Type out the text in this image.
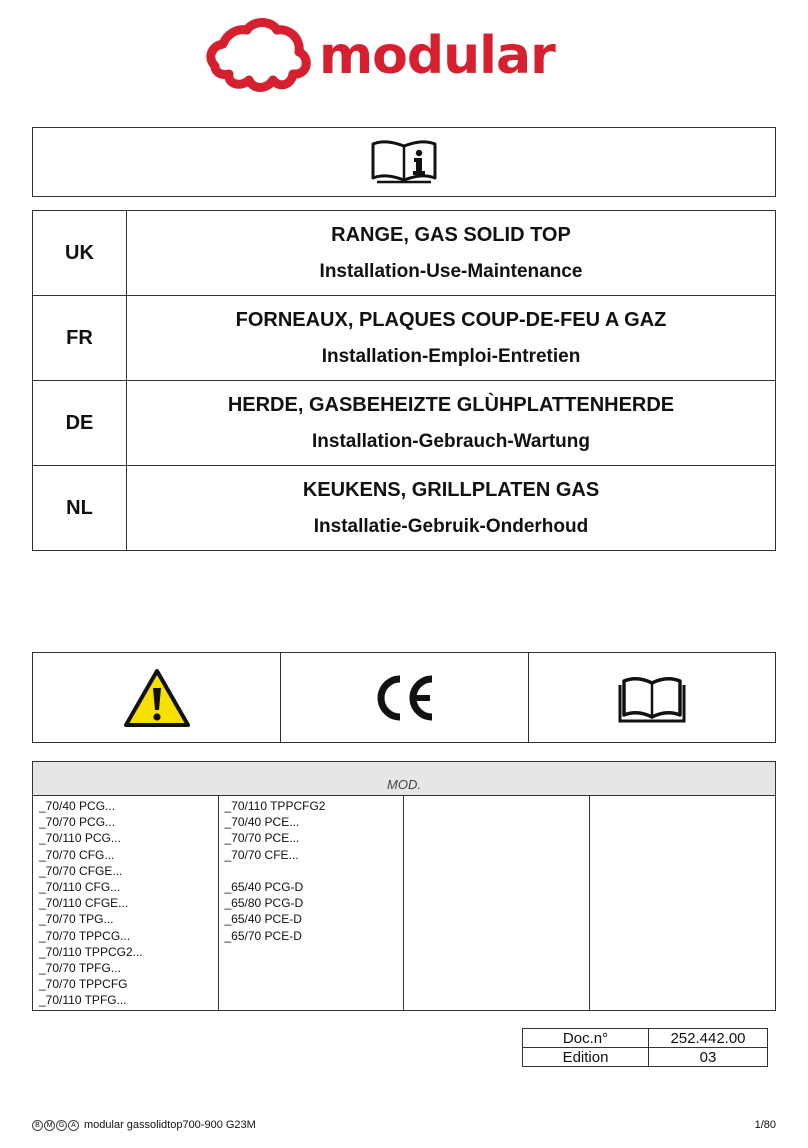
modular
UK	RANGE, GAS SOLID TOP
Installation-Use-Maintenance

FR	FORNEAUX, PLAQUES COUP-DE-FEU A GAZ
Installation-Emploi-Entretien

DE	HERDE, GASBEHEIZTE GLÙHPLATTENHERDE
Installation-Gebrauch-Wartung

NL	KEUKENS, GRILLPLATEN GAS
Installatie-Gebruik-Onderhoud
MOD.
_70/40 PCG...
_70/70 PCG...
_70/110 PCG...
_70/70 CFG...
_70/70 CFGE...
_70/110 CFG...
_70/110 CFGE...
_70/70 TPG...
_70/70 TPPCG...
_70/110 TPPCG2...
_70/70 TPFG...
_70/70 TPPCFG
_70/110 TPFG...
_70/110 TPPCFG2
_70/40 PCE...
_70/70 PCE...
_70/70 CFE...
_65/40 PCG-D
_65/80 PCG-D
_65/40 PCE-D
_65/70 PCE-D
Doc.n°	252.442.00
Edition	03
B M G A modular gassolidtop700-900 G23M	1/80
